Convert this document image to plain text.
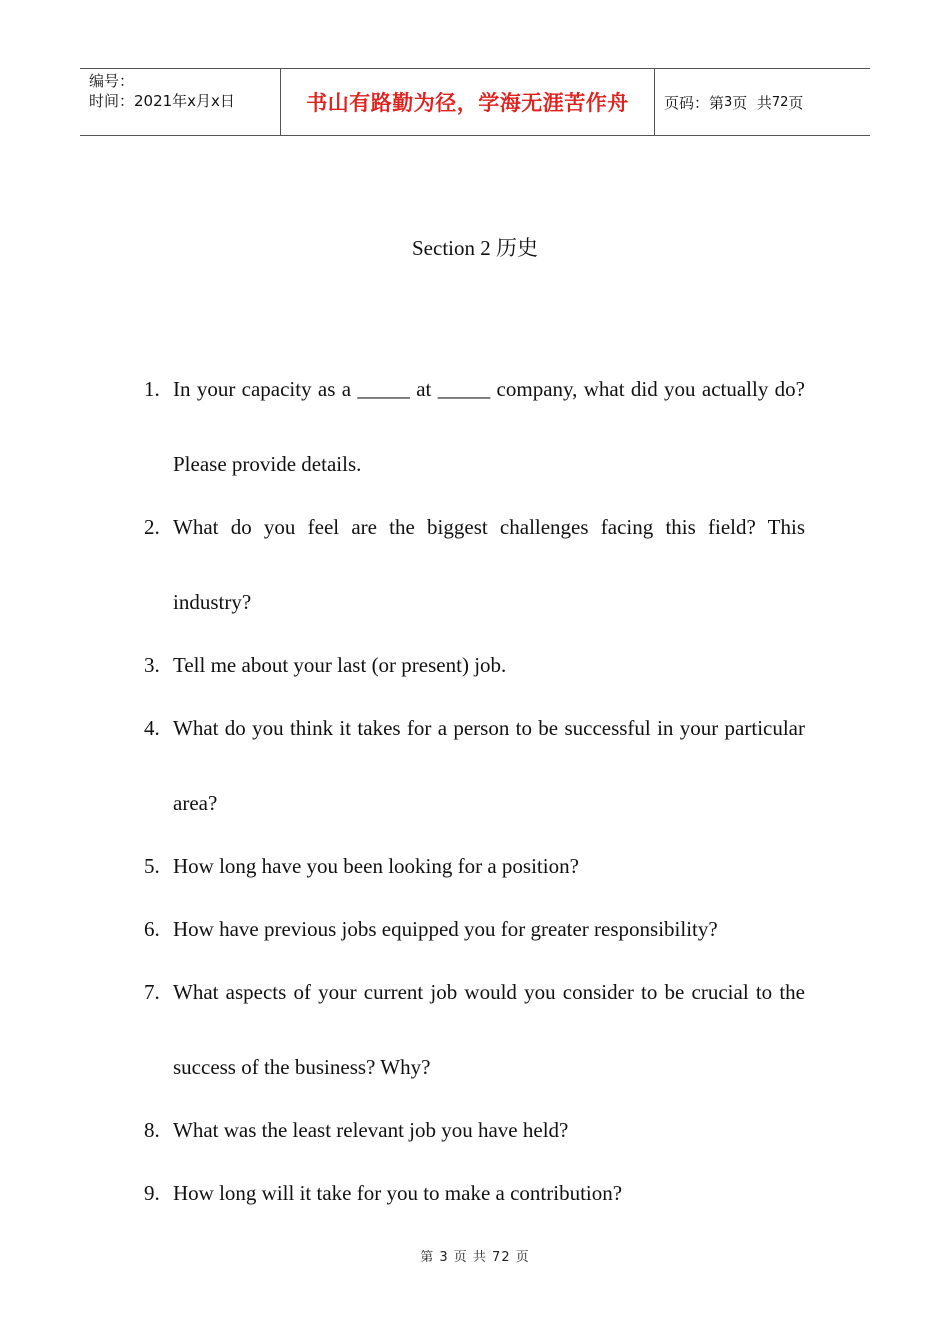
编号：
时间：2021年x月x日	书山有路勤为径，学海无涯苦作舟	页码：第 3 页  共 72 页
Section 2 历史
1. In your capacity as a _____ at _____ company, what did you actually do? Please provide details.
2. What do you feel are the biggest challenges facing this field? This industry?
3. Tell me about your last (or present) job.
4. What do you think it takes for a person to be successful in your particular area?
5. How long have you been looking for a position?
6. How have previous jobs equipped you for greater responsibility?
7. What aspects of your current job would you consider to be crucial to the success of the business? Why?
8. What was the least relevant job you have held?
9. How long will it take for you to make a contribution?
第 3 页 共 72 页
